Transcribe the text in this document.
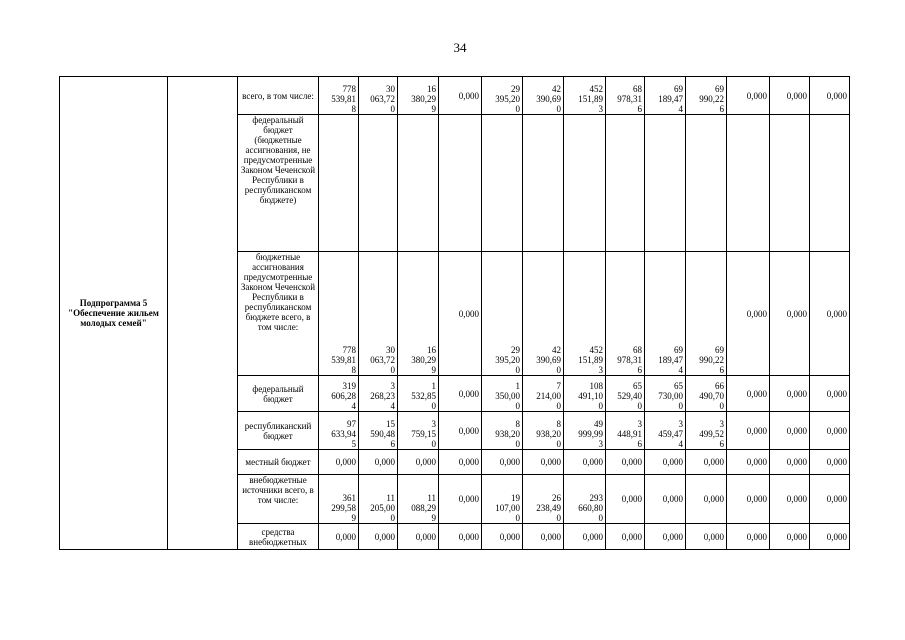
34
Подпрограмма 5 "Обеспечение жильем молодых семей"		всего, в том числе:	778
539,81
8	30
063,72
0	16
380,29
9	0,000	29
395,20
0	42
390,69
0	452
151,89
3	68
978,31
6	69
189,47
4	69
990,22
6	0,000	0,000	0,000
		федеральный бюджет (бюджетные ассигнования, не предусмотренные Законом Чеченской Республики в республиканском бюджете)													
		бюджетные ассигнования предусмотренные Законом Чеченской Республики в республиканском бюджете всего, в том числе:	778
539,81
8	30
063,72
0	16
380,29
9	0,000	29
395,20
0	42
390,69
0	452
151,89
3	68
978,31
6	69
189,47
4	69
990,22
6	0,000	0,000	0,000
		федеральный бюджет	319
606,28
4	3
268,23
4	1
532,85
0	0,000	1
350,00
0	7
214,00
0	108
491,10
0	65
529,40
0	65
730,00
0	66
490,70
0	0,000	0,000	0,000
		республиканский бюджет	97
633,94
5	15
590,48
6	3
759,15
0	0,000	8
938,20
0	8
938,20
0	49
999,99
3	3
448,91
6	3
459,47
4	3
499,52
6	0,000	0,000	0,000
		местный бюджет	0,000	0,000	0,000	0,000	0,000	0,000	0,000	0,000	0,000	0,000	0,000	0,000	0,000
		внебюджетные источники всего, в том числе:	361
299,58
9	11
205,00
0	11
088,29
9	0,000	19
107,00
0	26
238,49
0	293
660,80
0	0,000	0,000	0,000	0,000	0,000	0,000
		средства внебюджетных	0,000	0,000	0,000	0,000	0,000	0,000	0,000	0,000	0,000	0,000	0,000	0,000	0,000
